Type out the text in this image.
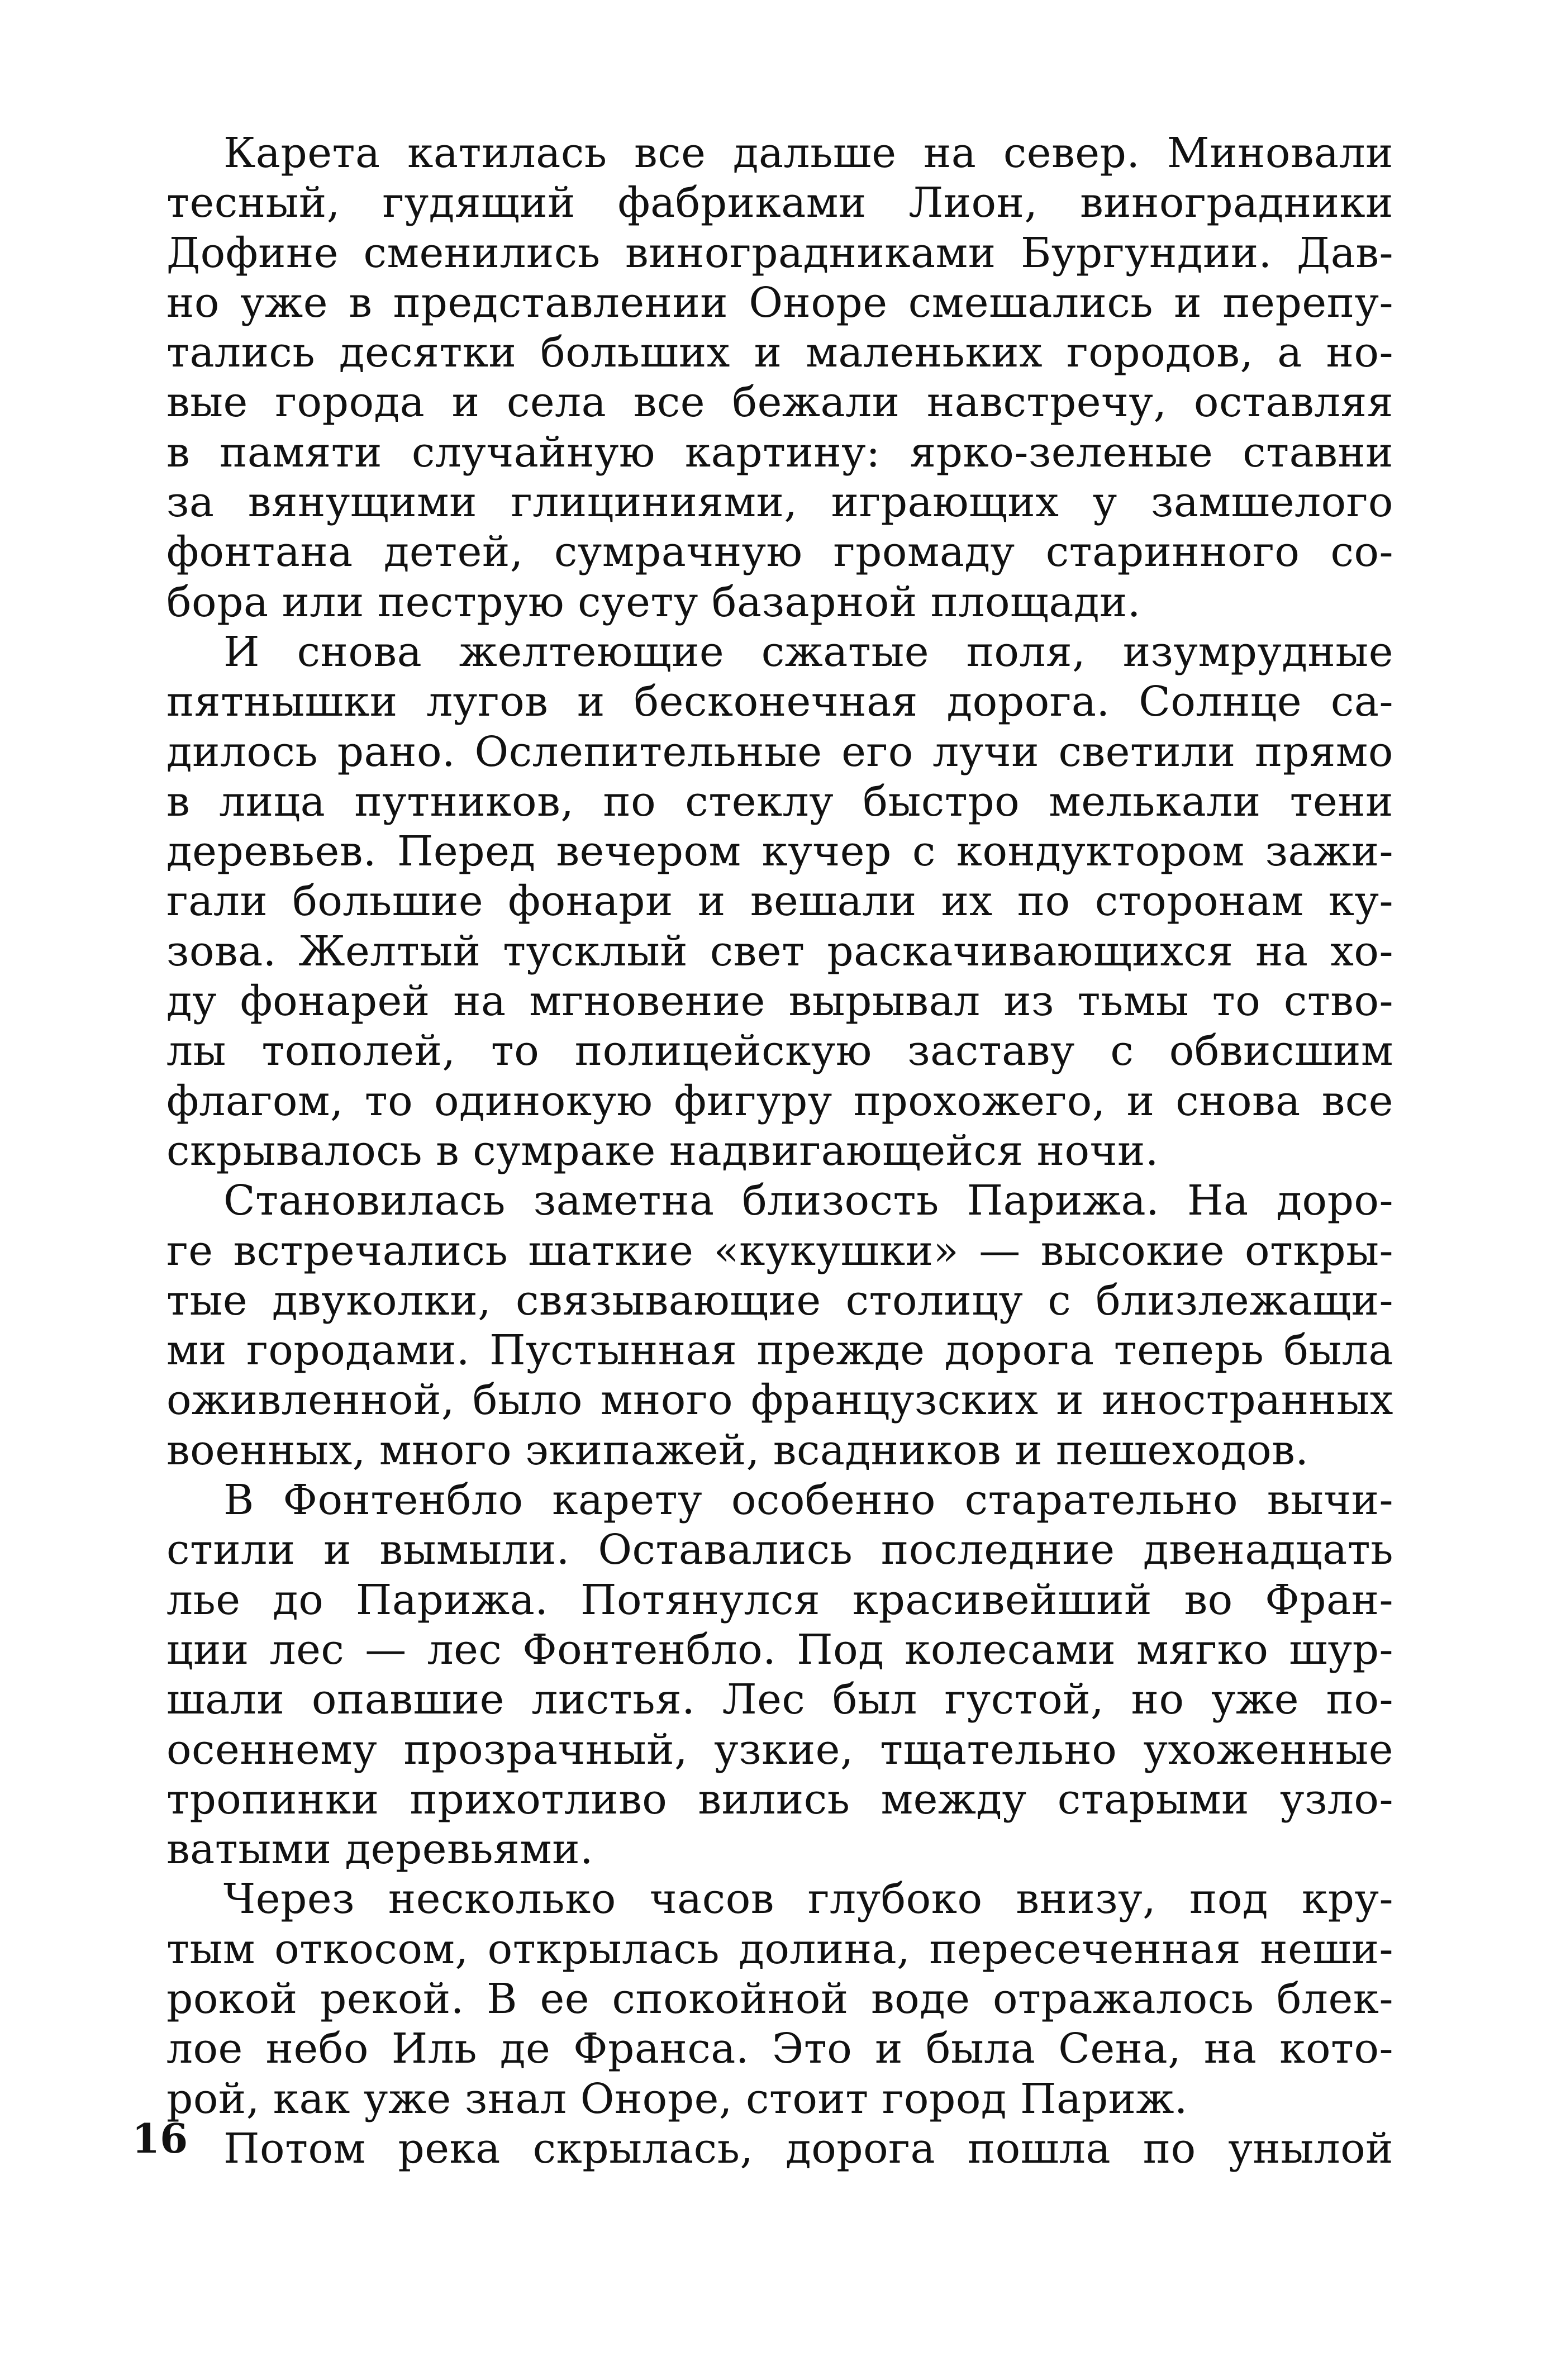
Карета катилась все дальше на север. Миновали
тесный, гудящий фабриками Лион, виноградники
Дофине сменились виноградниками Бургундии. Дав-
но уже в представлении Оноре смешались и перепу-
тались десятки больших и маленьких городов, а но-
вые города и села все бежали навстречу, оставляя
в памяти случайную картину: ярко-зеленые ставни
за вянущими глициниями, играющих у замшелого
фонтана детей, сумрачную громаду старинного со-
бора или пеструю суету базарной площади.
И снова желтеющие сжатые поля, изумрудные
пятнышки лугов и бесконечная дорога. Солнце са-
дилось рано. Ослепительные его лучи светили прямо
в лица путников, по стеклу быстро мелькали тени
деревьев. Перед вечером кучер с кондуктором зажи-
гали большие фонари и вешали их по сторонам ку-
зова. Желтый тусклый свет раскачивающихся на хо-
ду фонарей на мгновение вырывал из тьмы то ство-
лы тополей, то полицейскую заставу с обвисшим
флагом, то одинокую фигуру прохожего, и снова все
скрывалось в сумраке надвигающейся ночи.
Становилась заметна близость Парижа. На доро-
ге встречались шаткие «кукушки» — высокие откры-
тые двуколки, связывающие столицу с близлежащи-
ми городами. Пустынная прежде дорога теперь была
оживленной, было много французских и иностранных
военных, много экипажей, всадников и пешеходов.
В Фонтенбло карету особенно старательно вычи-
стили и вымыли. Оставались последние двенадцать
лье до Парижа. Потянулся красивейший во Фран-
ции лес — лес Фонтенбло. Под колесами мягко шур-
шали опавшие листья. Лес был густой, но уже по-
осеннему прозрачный, узкие, тщательно ухоженные
тропинки прихотливо вились между старыми узло-
ватыми деревьями.
Через несколько часов глубоко внизу, под кру-
тым откосом, открылась долина, пересеченная неши-
рокой рекой. В ее спокойной воде отражалось блек-
лое небо Иль де Франса. Это и была Сена, на кото-
рой, как уже знал Оноре, стоит город Париж.
Потом река скрылась, дорога пошла по унылой
16
